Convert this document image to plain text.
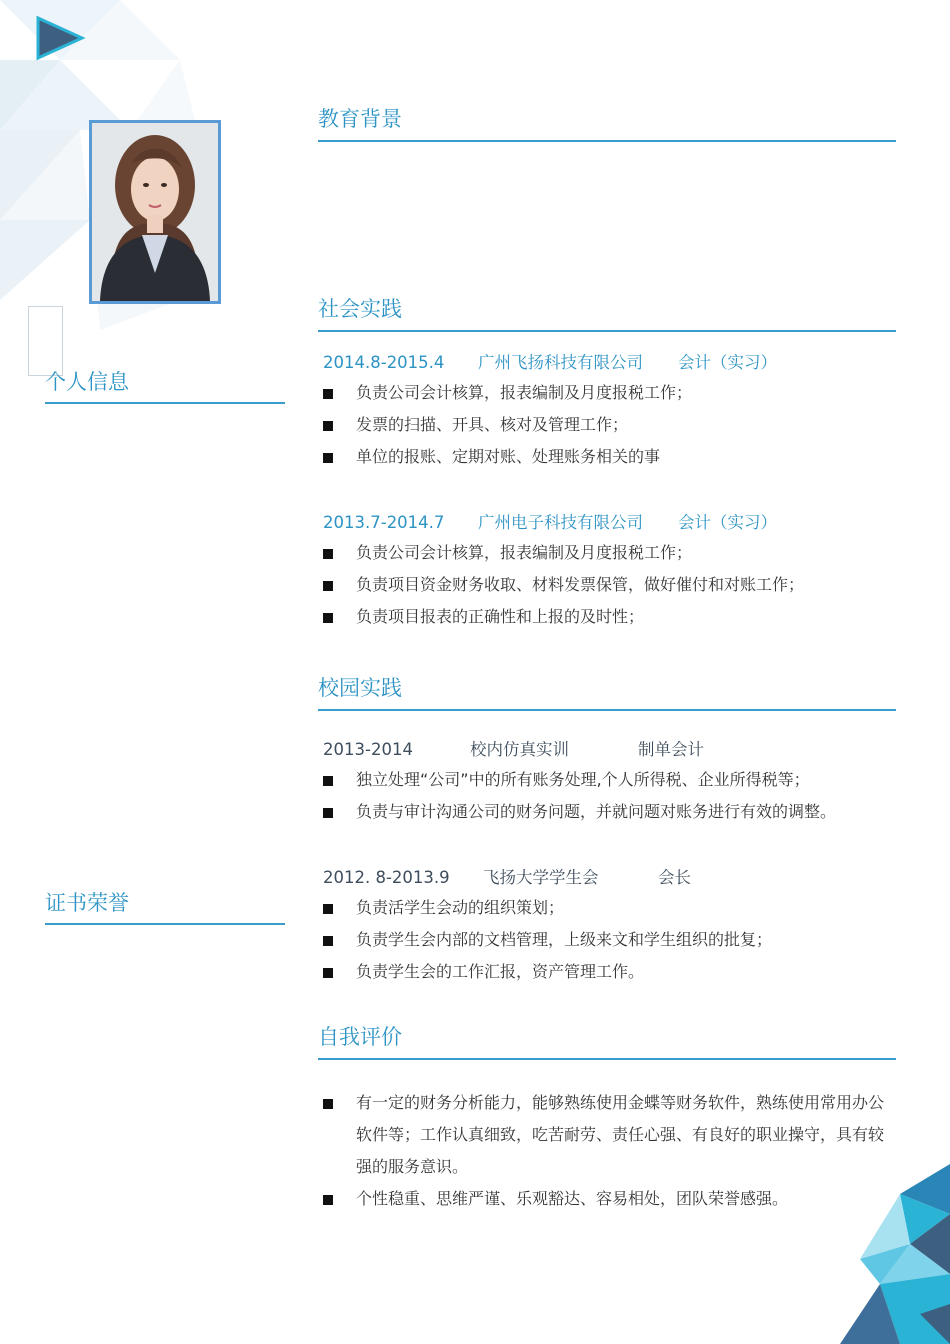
个人信息
证书荣誉
教育背景
社会实践
2014.8-2015.4 广州飞扬科技有限公司 会计（实习）
负责公司会计核算，报表编制及月度报税工作；
发票的扫描、开具、核对及管理工作；
单位的报账、定期对账、处理账务相关的事
2013.7-2014.7 广州电子科技有限公司 会计（实习）
负责公司会计核算，报表编制及月度报税工作；
负责项目资金财务收取、材料发票保管，做好催付和对账工作；
负责项目报表的正确性和上报的及时性；
校园实践
2013-2014	校内仿真实训	制单会计
独立处理“公司”中的所有账务处理,个人所得税、企业所得税等；
负责与审计沟通公司的财务问题，并就问题对账务进行有效的调整。
2012. 8-2013.9 飞扬大学学生会	会长
负责活学生会动的组织策划；
负责学生会内部的文档管理，上级来文和学生组织的批复；
负责学生会的工作汇报，资产管理工作。
自我评价
有一定的财务分析能力，能够熟练使用金蝶等财务软件，熟练使用常用办公软件等；工作认真细致，吃苦耐劳、责任心强、有良好的职业操守，具有较强的服务意识。
个性稳重、思维严谨、乐观豁达、容易相处，团队荣誉感强。
